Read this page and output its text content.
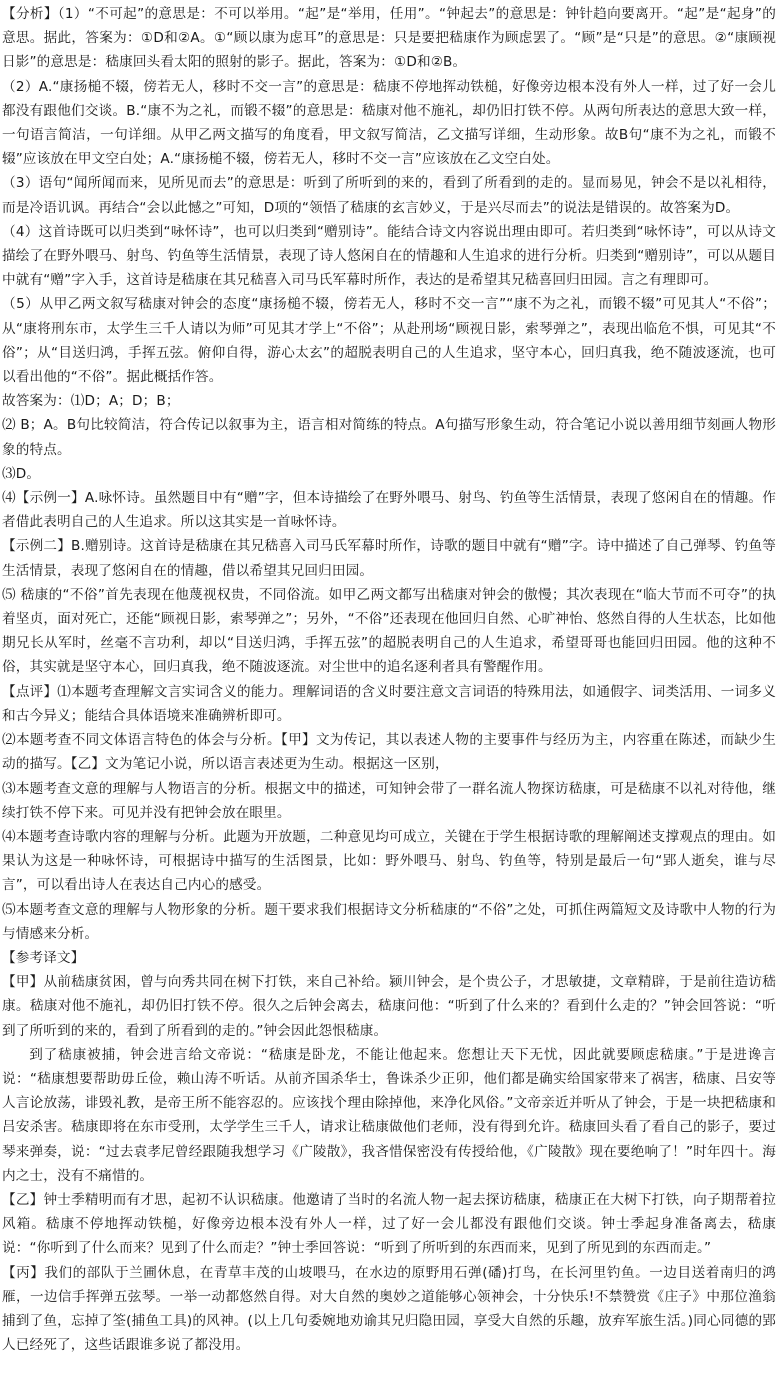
【分析】（1）“不可起”的意思是：不可以举用。“起”是“举用，任用”。“钟起去”的意思是：钟针趋向要离开。“起”是“起身”的意思。据此，答案为：①D和②A。①“顾以康为虑耳”的意思是：只是要把嵇康作为顾虑罢了。“顾”是“只是”的意思。②“康顾视日影”的意思是：嵇康回头看太阳的照射的影子。据此，答案为：①D和②B。

（2）A.“康扬槌不辍，傍若无人，移时不交一言”的意思是：嵇康不停地挥动铁槌，好像旁边根本没有外人一样，过了好一会儿都没有跟他们交谈。B.“康不为之礼，而锻不辍”的意思是：嵇康对他不施礼，却仍旧打铁不停。从两句所表达的意思大致一样，一句语言简洁，一句详细。从甲乙两文描写的角度看，甲文叙写简洁，乙文描写详细，生动形象。故B句“康不为之礼，而锻不辍”应该放在甲文空白处；A.“康扬槌不辍，傍若无人，移时不交一言”应该放在乙文空白处。

（3）语句“闻所闻而来，见所见而去”的意思是：听到了所听到的来的，看到了所看到的走的。显而易见，钟会不是以礼相待，而是冷语讥讽。再结合“会以此憾之”可知，D项的“领悟了嵇康的玄言妙义，于是兴尽而去”的说法是错误的。故答案为D。

（4）这首诗既可以归类到“咏怀诗”，也可以归类到“赠别诗”。能结合诗文内容说出理由即可。若归类到“咏怀诗”，可以从诗文描绘了在野外喂马、射鸟、钓鱼等生活情景，表现了诗人悠闲自在的情趣和人生追求的进行分析。归类到“赠别诗”，可以从题目中就有“赠”字入手，这首诗是嵇康在其兄嵇喜入司马氏军幕时所作，表达的是希望其兄嵇喜回归田园。言之有理即可。

（5）从甲乙两文叙写嵇康对钟会的态度“康扬槌不辍，傍若无人，移时不交一言”“康不为之礼，而锻不辍”可见其人“不俗”；从“康将刑东市，太学生三千人请以为师”可见其才学上“不俗”；从赴刑场“顾视日影，索琴弹之”，表现出临危不惧，可见其“不俗”；从“目送归鸿，手挥五弦。俯仰自得，游心太玄”的超脱表明自己的人生追求，坚守本心，回归真我，绝不随波逐流，也可以看出他的“不俗”。据此概括作答。

故答案为：⑴D；A；D；B；

⑵ B；A。B句比较简洁，符合传记以叙事为主，语言相对简练的特点。A句描写形象生动，符合笔记小说以善用细节刻画人物形象的特点。

⑶D。

⑷【示例一】A.咏怀诗。虽然题目中有“赠”字，但本诗描绘了在野外喂马、射鸟、钓鱼等生活情景，表现了悠闲自在的情趣。作者借此表明自己的人生追求。所以这其实是一首咏怀诗。

【示例二】B.赠别诗。这首诗是嵇康在其兄嵇喜入司马氏军幕时所作，诗歌的题目中就有“赠”字。诗中描述了自己弹琴、钓鱼等生活情景，表现了悠闲自在的情趣，借以希望其兄回归田园。

⑸ 嵇康的“不俗”首先表现在他蔑视权贵，不同俗流。如甲乙两文都写出嵇康对钟会的傲慢；其次表现在“临大节而不可夺”的执着坚贞，面对死亡，还能“顾视日影，索琴弹之”；另外，“不俗”还表现在他回归自然、心旷神怡、悠然自得的人生状态，比如他期兄长从军时，丝毫不言功利，却以“目送归鸿，手挥五弦”的超脱表明自己的人生追求，希望哥哥也能回归田园。他的这种不俗，其实就是坚守本心，回归真我，绝不随波逐流。对尘世中的追名逐利者具有警醒作用。

【点评】⑴本题考查理解文言实词含义的能力。理解词语的含义时要注意文言词语的特殊用法，如通假字、词类活用、一词多义和古今异义；能结合具体语境来准确辨析即可。

⑵本题考查不同文体语言特色的体会与分析。【甲】文为传记，其以表述人物的主要事件与经历为主，内容重在陈述，而缺少生动的描写。【乙】文为笔记小说，所以语言表述更为生动。根据这一区别，

⑶本题考查文意的理解与人物语言的分析。根据文中的描述，可知钟会带了一群名流人物探访嵇康，可是嵇康不以礼对待他，继续打铁不停下来。可见并没有把钟会放在眼里。

⑷本题考查诗歌内容的理解与分析。此题为开放题，二种意见均可成立，关键在于学生根据诗歌的理解阐述支撑观点的理由。如果认为这是一种咏怀诗，可根据诗中描写的生活图景，比如：野外喂马、射鸟、钓鱼等，特别是最后一句“郢人逝矣，谁与尽言”，可以看出诗人在表达自己内心的感受。

⑸本题考查文意的理解与人物形象的分析。题干要求我们根据诗文分析嵇康的“不俗”之处，可抓住两篇短文及诗歌中人物的行为与情感来分析。

【参考译文】

【甲】从前嵇康贫困，曾与向秀共同在树下打铁，来自己补给。颍川钟会，是个贵公子，才思敏捷，文章精辟，于是前往造访嵇康。嵇康对他不施礼，却仍旧打铁不停。很久之后钟会离去，嵇康问他：“听到了什么来的？看到什么走的？”钟会回答说：“听到了所听到的来的，看到了所看到的走的。”钟会因此怨恨嵇康。

到了嵇康被捕，钟会进言给文帝说：“嵇康是卧龙，不能让他起来。您想让天下无忧，因此就要顾虑嵇康。”于是进谗言说：“嵇康想要帮助毋丘俭，赖山涛不听话。从前齐国杀华士，鲁诛杀少正卯，他们都是确实给国家带来了祸害，嵇康、吕安等人言论放荡，诽毁礼教，是帝王所不能容忍的。应该找个理由除掉他，来净化风俗。”文帝亲近并听从了钟会，于是一块把嵇康和吕安杀害。嵇康即将在东市受刑，太学学生三千人，请求让嵇康做他们老师，没有得到允许。嵇康回头看了看自己的影子，要过琴来弹奏，说：“过去袁孝尼曾经跟随我想学习《广陵散》，我吝惜保密没有传授给他，《广陵散》现在要绝响了！”时年四十。海内之士，没有不痛惜的。

【乙】钟士季精明而有才思，起初不认识嵇康。他邀请了当时的名流人物一起去探访嵇康，嵇康正在大树下打铁，向子期帮着拉风箱。嵇康不停地挥动铁槌，好像旁边根本没有外人一样，过了好一会儿都没有跟他们交谈。钟士季起身准备离去，嵇康说：“你听到了什么而来？见到了什么而走？”钟士季回答说：“听到了所听到的东西而来，见到了所见到的东西而走。”

【丙】我们的部队于兰圃休息，在青草丰茂的山坡喂马，在水边的原野用石弹(磻)打鸟，在长河里钓鱼。一边目送着南归的鸿雁，一边信手挥弹五弦琴。一举一动都悠然自得。对大自然的奥妙之道能够心领神会，十分快乐!不禁赞赏《庄子》中那位渔翁捕到了鱼，忘掉了筌(捕鱼工具)的风神。(以上几句委婉地劝谕其兄归隐田园，享受大自然的乐趣，放弃军旅生活。)同心同德的郢人已经死了，这些话跟谁多说了都没用。
